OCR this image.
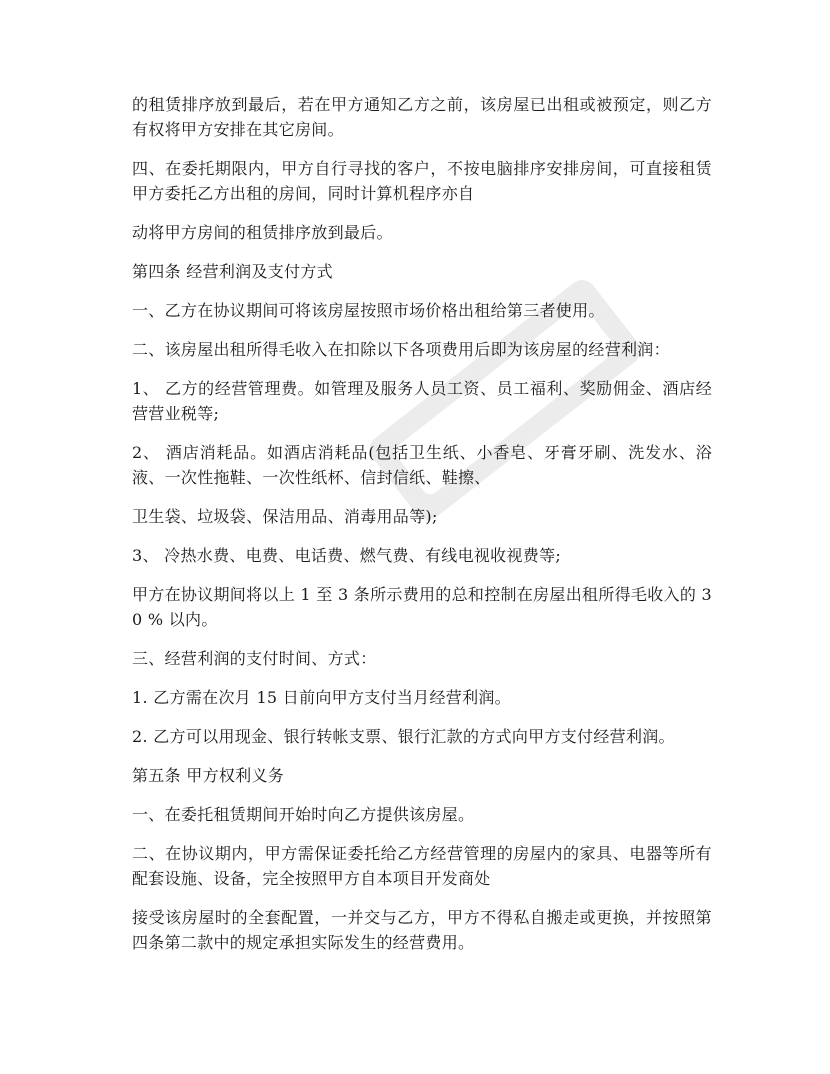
的租赁排序放到最后，若在甲方通知乙方之前，该房屋已出租或被预定，则乙方有权将甲方安排在其它房间。

四、在委托期限内，甲方自行寻找的客户，不按电脑排序安排房间，可直接租赁甲方委托乙方出租的房间，同时计算机程序亦自

动将甲方房间的租赁排序放到最后。

第四条 经营利润及支付方式

一、乙方在协议期间可将该房屋按照市场价格出租给第三者使用。

二、该房屋出租所得毛收入在扣除以下各项费用后即为该房屋的经营利润：

1、 乙方的经营管理费。如管理及服务人员工资、员工福利、奖励佣金、酒店经营营业税等;

2、 酒店消耗品。如酒店消耗品(包括卫生纸、小香皂、牙膏牙刷、洗发水、浴液、一次性拖鞋、一次性纸杯、信封信纸、鞋擦、

卫生袋、垃圾袋、保洁用品、消毒用品等);

3、 冷热水费、电费、电话费、燃气费、有线电视收视费等;

甲方在协议期间将以上 1 至 3 条所示费用的总和控制在房屋出租所得毛收入的 30 % 以内。

三、经营利润的支付时间、方式：

1. 乙方需在次月 15 日前向甲方支付当月经营利润。

2. 乙方可以用现金、银行转帐支票、银行汇款的方式向甲方支付经营利润。

第五条 甲方权利义务

一、在委托租赁期间开始时向乙方提供该房屋。

二、在协议期内，甲方需保证委托给乙方经营管理的房屋内的家具、电器等所有配套设施、设备，完全按照甲方自本项目开发商处

接受该房屋时的全套配置，一并交与乙方，甲方不得私自搬走或更换，并按照第四条第二款中的规定承担实际发生的经营费用。
